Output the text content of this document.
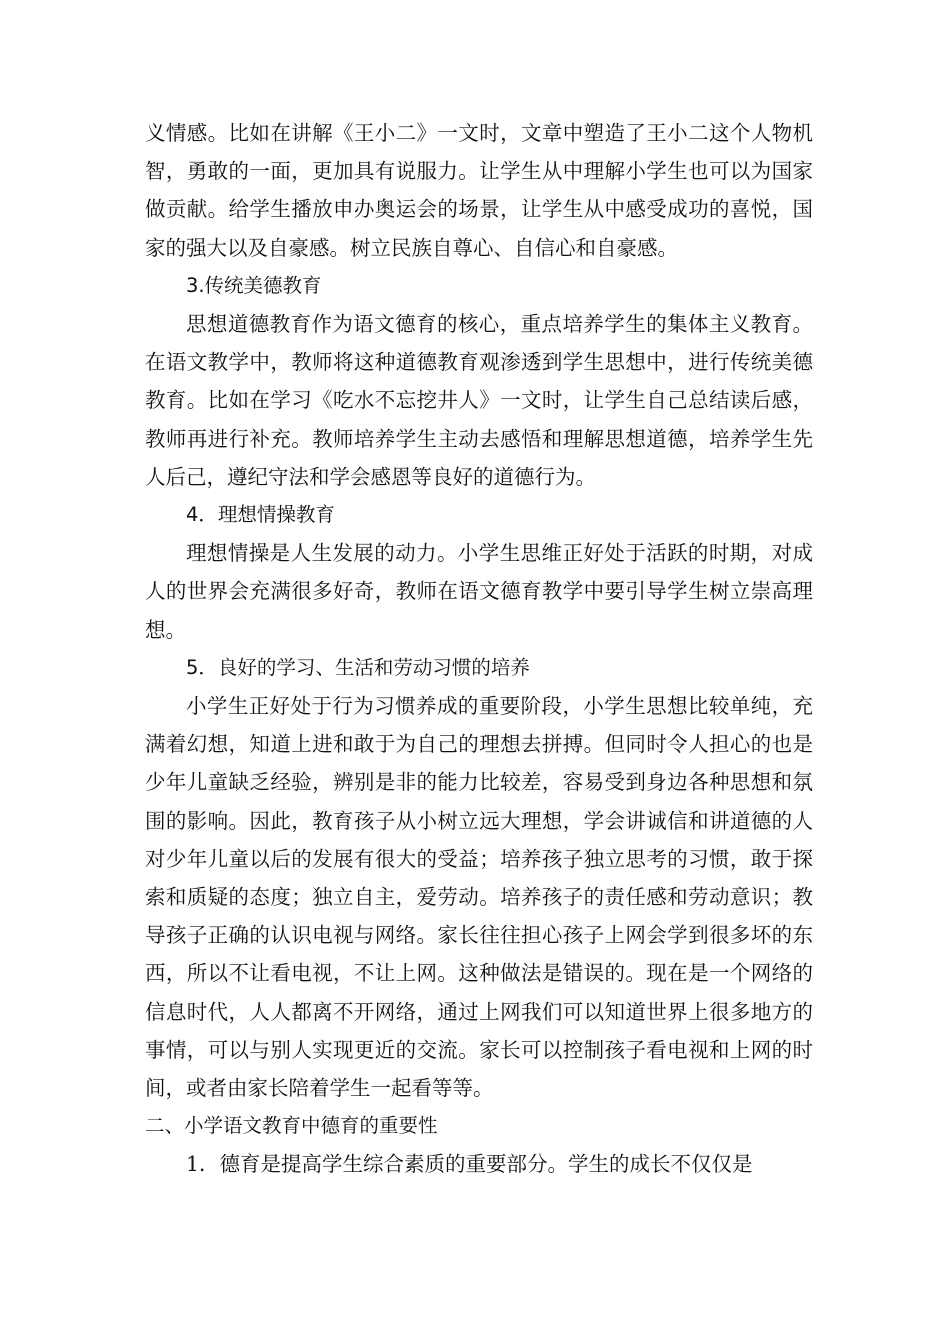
义情感。比如在讲解《王小二》一文时，文章中塑造了王小二这个人物机智，勇敢的一面，更加具有说服力。让学生从中理解小学生也可以为国家做贡献。给学生播放申办奥运会的场景，让学生从中感受成功的喜悦，国家的强大以及自豪感。树立民族自尊心、自信心和自豪感。

3.传统美德教育

思想道德教育作为语文德育的核心，重点培养学生的集体主义教育。在语文教学中，教师将这种道德教育观渗透到学生思想中，进行传统美德教育。比如在学习《吃水不忘挖井人》一文时，让学生自己总结读后感，教师再进行补充。教师培养学生主动去感悟和理解思想道德，培养学生先人后己，遵纪守法和学会感恩等良好的道德行为。

4．理想情操教育

理想情操是人生发展的动力。小学生思维正好处于活跃的时期，对成人的世界会充满很多好奇，教师在语文德育教学中要引导学生树立崇高理想。

5．良好的学习、生活和劳动习惯的培养

小学生正好处于行为习惯养成的重要阶段，小学生思想比较单纯，充满着幻想，知道上进和敢于为自己的理想去拼搏。但同时令人担心的也是少年儿童缺乏经验，辨别是非的能力比较差，容易受到身边各种思想和氛围的影响。因此，教育孩子从小树立远大理想，学会讲诚信和讲道德的人对少年儿童以后的发展有很大的受益；培养孩子独立思考的习惯，敢于探索和质疑的态度；独立自主，爱劳动。培养孩子的责任感和劳动意识；教导孩子正确的认识电视与网络。家长往往担心孩子上网会学到很多坏的东西，所以不让看电视，不让上网。这种做法是错误的。现在是一个网络的信息时代，人人都离不开网络，通过上网我们可以知道世界上很多地方的事情，可以与别人实现更近的交流。家长可以控制孩子看电视和上网的时间，或者由家长陪着学生一起看等等。

二、小学语文教育中德育的重要性

1．德育是提高学生综合素质的重要部分。学生的成长不仅仅是
